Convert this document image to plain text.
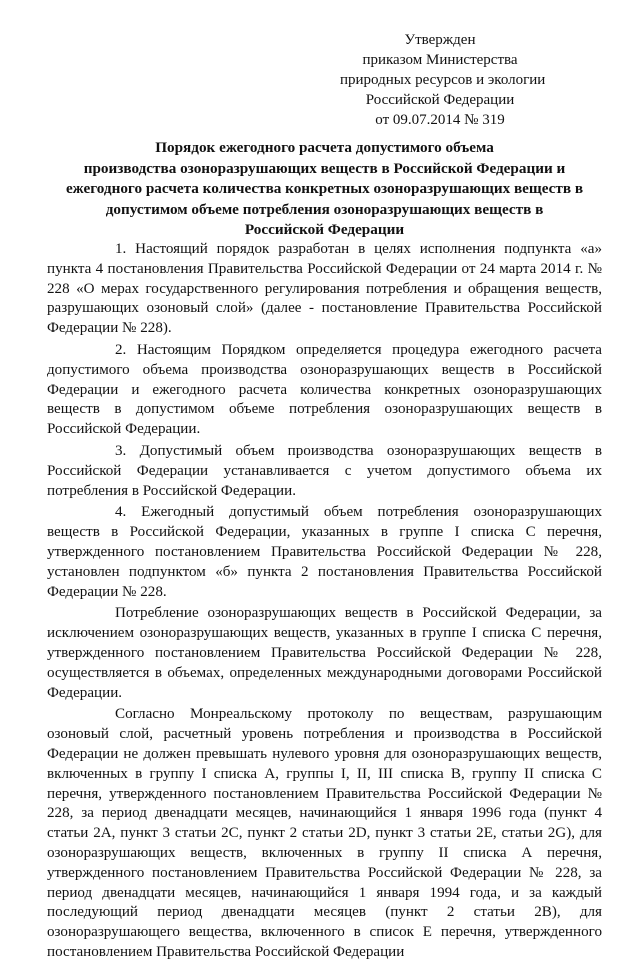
Утвержден
приказом Министерства
природных ресурсов и экологии
Российской Федерации
от 09.07.2014 № 319
Порядок ежегодного расчета допустимого объема
производства озоноразрушающих веществ в Российской Федерации и
ежегодного расчета количества конкретных озоноразрушающих веществ в
допустимом объеме потребления озоноразрушающих веществ в
Российской Федерации

1. Настоящий порядок разработан в целях исполнения подпункта «а» пункта 4 постановления Правительства Российской Федерации от 24 марта 2014 г. № 228 «О мерах государственного регулирования потребления и обращения веществ, разрушающих озоновый слой» (далее - постановление Правительства Российской Федерации № 228).

2. Настоящим Порядком определяется процедура ежегодного расчета допустимого объема производства озоноразрушающих веществ в Российской Федерации и ежегодного расчета количества конкретных озоноразрушающих веществ в допустимом объеме потребления озоноразрушающих веществ в Российской Федерации.

3. Допустимый объем производства озоноразрушающих веществ в Российской Федерации устанавливается с учетом допустимого объема их потребления в Российской Федерации.

4. Ежегодный допустимый объем потребления озоноразрушающих веществ в Российской Федерации, указанных в группе I списка С перечня, утвержденного постановлением Правительства Российской Федерации № 228, установлен подпунктом «б» пункта 2 постановления Правительства Российской Федерации № 228.

Потребление озоноразрушающих веществ в Российской Федерации, за исключением озоноразрушающих веществ, указанных в группе I списка С перечня, утвержденного постановлением Правительства Российской Федерации № 228, осуществляется в объемах, определенных международными договорами Российской Федерации.

Согласно Монреальскому протоколу по веществам, разрушающим озоновый слой, расчетный уровень потребления и производства в Российской Федерации не должен превышать нулевого уровня для озоноразрушающих веществ, включенных в группу I списка А, группы I, II, III списка В, группу II списка С перечня, утвержденного постановлением Правительства Российской Федерации № 228, за период двенадцати месяцев, начинающийся 1 января 1996 года (пункт 4 статьи 2А, пункт 3 статьи 2С, пункт 2 статьи 2D, пункт 3 статьи 2Е, статьи 2G), для озоноразрушающих веществ, включенных в группу II списка А перечня, утвержденного постановлением Правительства Российской Федерации № 228, за период двенадцати месяцев, начинающийся 1 января 1994 года, и за каждый последующий период двенадцати месяцев (пункт 2 статьи 2В), для озоноразрушающего вещества, включенного в список Е перечня, утвержденного постановлением Правительства Российской Федерации
